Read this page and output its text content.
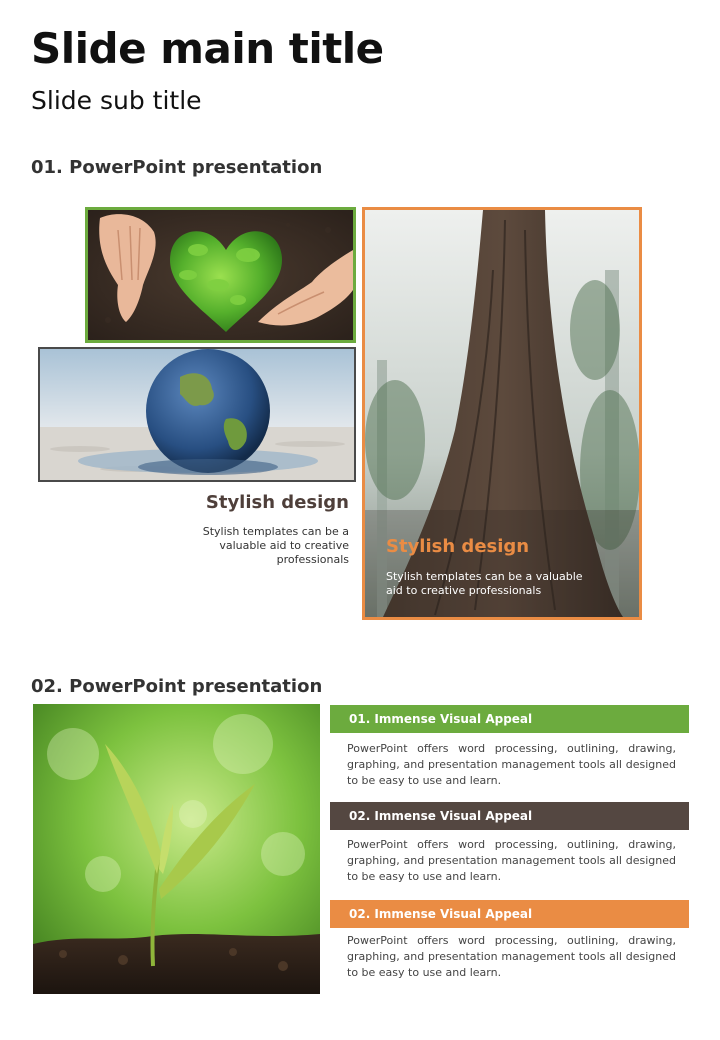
Slide main title
Slide sub title
01. PowerPoint presentation
Stylish design
Stylish templates can be a valuable aid to creative professionals
Stylish design
Stylish templates can be a valuable aid to creative professionals
02. PowerPoint presentation
01. Immense Visual Appeal
PowerPoint offers word processing, outlining, drawing, graphing, and presentation management tools all designed to be easy to use and learn.
02. Immense Visual Appeal
PowerPoint offers word processing, outlining, drawing, graphing, and presentation management tools all designed to be easy to use and learn.
02. Immense Visual Appeal
PowerPoint offers word processing, outlining, drawing, graphing, and presentation management tools all designed to be easy to use and learn.
